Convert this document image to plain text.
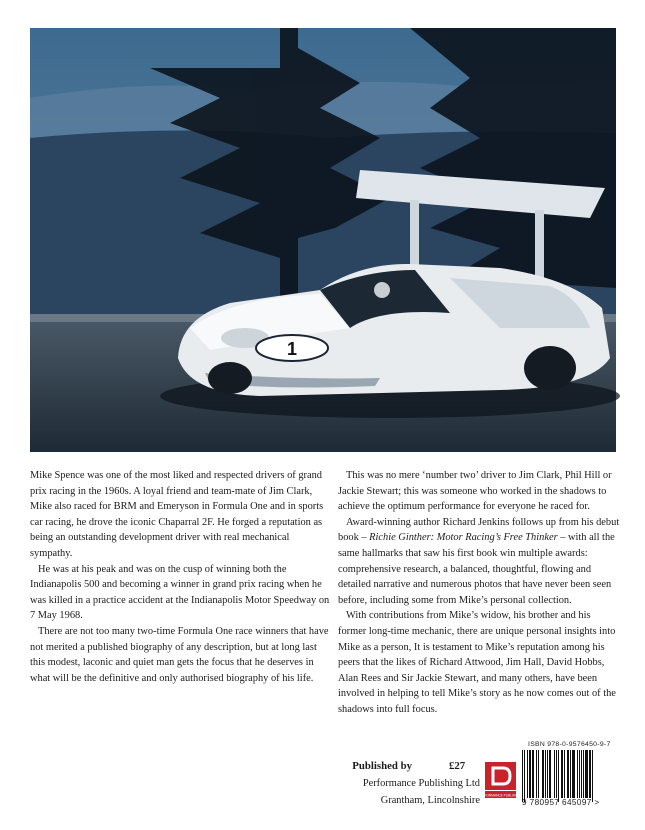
1

Mike Spence was one of the most liked and respected drivers of grand prix racing in the 1960s. A loyal friend and team-mate of Jim Clark, Mike also raced for BRM and Emeryson in Formula One and in sports car racing, he drove the iconic Chaparral 2F. He forged a reputation as being an outstanding development driver with real mechanical sympathy.

He was at his peak and was on the cusp of winning both the Indianapolis 500 and becoming a winner in grand prix racing when he was killed in a practice accident at the Indianapolis Motor Speedway on 7 May 1968.

There are not too many two-time Formula One race winners that have not merited a published biography of any description, but at long last this modest, laconic and quiet man gets the focus that he deserves in what will be the definitive and only authorised biography of his life.

This was no mere ‘number two’ driver to Jim Clark, Phil Hill or Jackie Stewart; this was someone who worked in the shadows to achieve the optimum performance for everyone he raced for.

Award-winning author Richard Jenkins follows up from his debut book – Richie Ginther: Motor Racing’s Free Thinker – with all the same hallmarks that saw his first book win multiple awards: comprehensive research, a balanced, thoughtful, flowing and detailed narrative and numerous photos that have never been seen before, including some from Mike’s personal collection.

With contributions from Mike’s widow, his brother and his former long-time mechanic, there are unique personal insights into Mike as a person, It is testament to Mike’s reputation among his peers that the likes of Richard Attwood, Jim Hall, David Hobbs, Alan Rees and Sir Jackie Stewart, and many others, have been involved in helping to tell Mike’s story as he now comes out of the shadows into full focus.

ISBN 978-0-9576450-9-7
Published by	£27
Performance Publishing Ltd
Grantham, Lincolnshire
PERFORMANCE PUBLISHING
9 780957 645097 >
